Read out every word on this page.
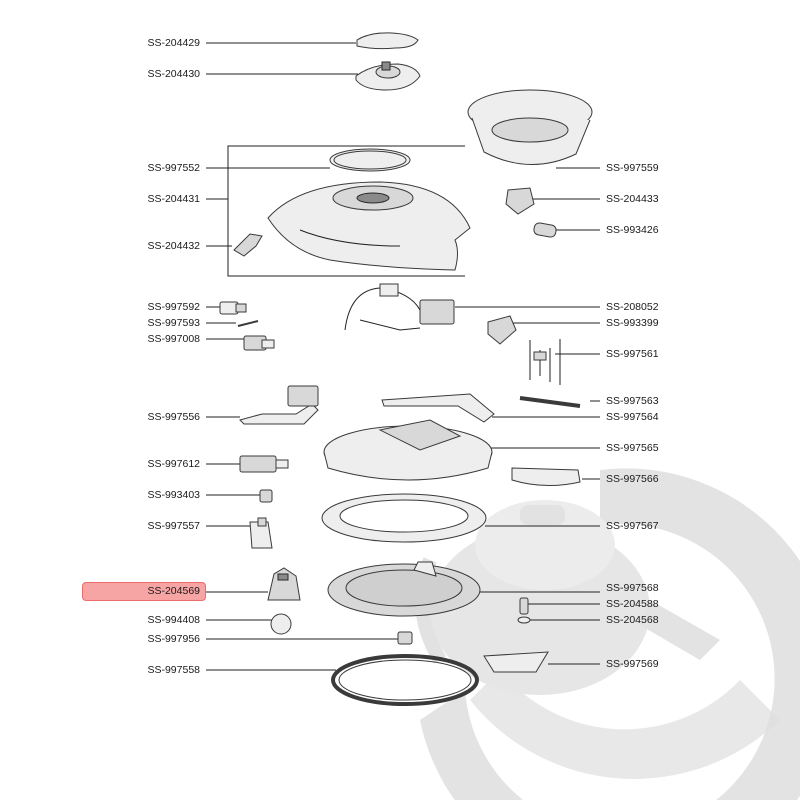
SS-204429
SS-204430
SS-997552
SS-204431
SS-204432
SS-997592
SS-997593
SS-997008
SS-997556
SS-997612
SS-993403
SS-997557
SS-204569
SS-994408
SS-997956
SS-997558
SS-997559
SS-204433
SS-993426
SS-208052
SS-993399
SS-997561
SS-997563
SS-997564
SS-997565
SS-997566
SS-997567
SS-997568
SS-204588
SS-204568
SS-997569
